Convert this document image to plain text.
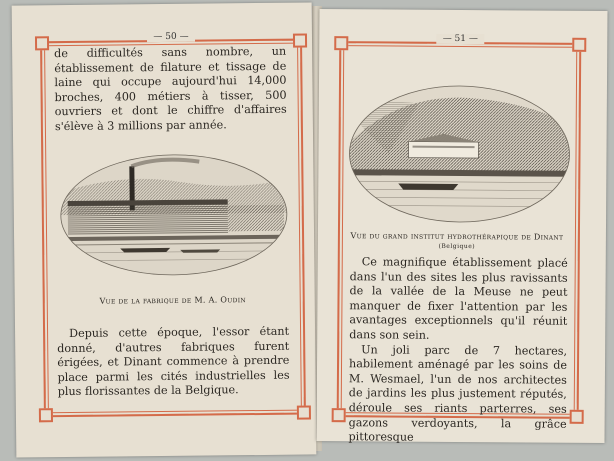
— 50 —
de difficultés sans nombre, un établissement de filature et tissage de laine qui occupe aujourd'hui 14,000 broches, 400 métiers à tisser, 500 ouvriers et dont le chiffre d'affaires s'élève à 3 millions par année.
Vue de la fabrique de M. A. Oudin
Depuis cette époque, l'essor étant donné, d'autres fabriques furent érigées, et Dinant commence à prendre place parmi les cités industrielles les plus florissantes de la Belgique.
— 51 —
Vue du grand institut hydrothérapique de Dinant
(Belgique)

Ce magnifique établissement placé dans l'un des sites les plus ravissants de la vallée de la Meuse ne peut manquer de fixer l'attention par les avantages exceptionnels qu'il réunit dans son sein.

Un joli parc de 7 hectares, habilement aménagé par les soins de M. Wesmael, l'un de nos architectes de jardins les plus justement réputés, déroule ses riants parterres, ses gazons verdoyants, la grâce pittoresque
